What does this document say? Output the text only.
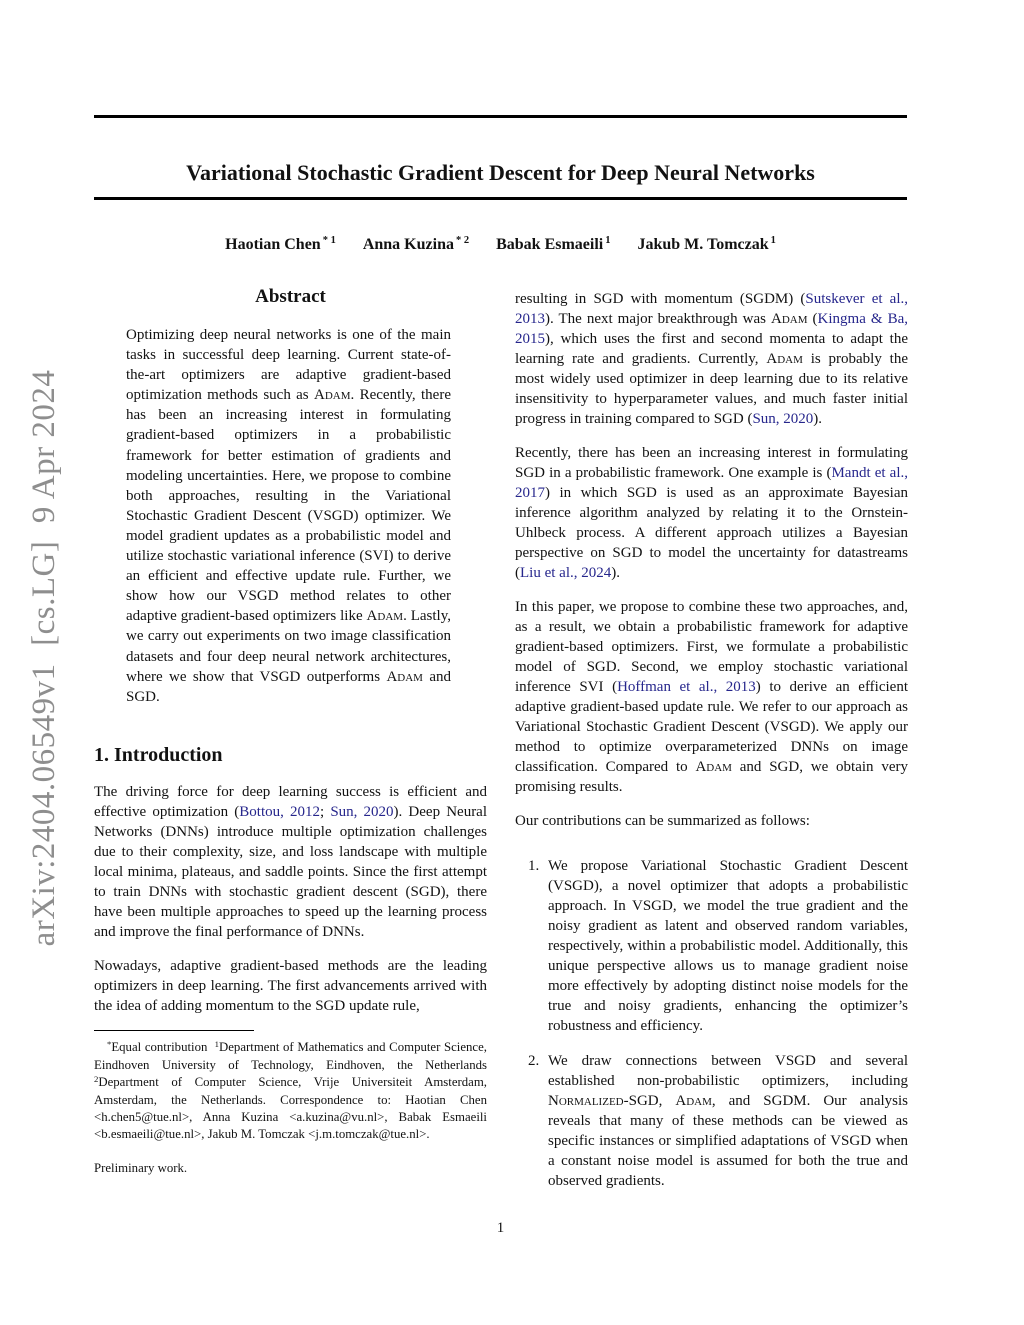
arXiv:2404.06549v1  [cs.LG]  9 Apr 2024
Variational Stochastic Gradient Descent for Deep Neural Networks
Haotian Chen $^{* 1}$ Anna Kuzina $^{* 2}$ Babak Esmaeili $^1$ Jakub M. Tomczak $^1$
Abstract

Optimizing deep neural networks is one of the main tasks in successful deep learning. Current state-of-the-art optimizers are adaptive gradient-based optimization methods such as Adam. Recently, there has been an increasing interest in formulating gradient-based optimizers in a probabilistic framework for better estimation of gradients and modeling uncertainties. Here, we propose to combine both approaches, resulting in the Variational Stochastic Gradient Descent (VSGD) optimizer. We model gradient updates as a probabilistic model and utilize stochastic variational inference (SVI) to derive an efficient and effective update rule. Further, we show how our VSGD method relates to other adaptive gradient-based optimizers like Adam. Lastly, we carry out experiments on two image classification datasets and four deep neural network architectures, where we show that VSGD outperforms Adam and SGD.

1. Introduction

The driving force for deep learning success is efficient and effective optimization (Bottou, 2012; Sun, 2020). Deep Neural Networks (DNNs) introduce multiple optimization challenges due to their complexity, size, and loss landscape with multiple local minima, plateaus, and saddle points. Since the first attempt to train DNNs with stochastic gradient descent (SGD), there have been multiple approaches to speed up the learning process and improve the final performance of DNNs.

Nowadays, adaptive gradient-based methods are the leading optimizers in deep learning. The first advancements arrived with the idea of adding momentum to the SGD update rule,

*Equal contribution  $^1$Department of Mathematics and Computer Science, Eindhoven University of Technology, Eindhoven, the Netherlands $^2$Department of Computer Science, Vrije Universiteit Amsterdam, Amsterdam, the Netherlands. Correspondence to: Haotian Chen <h.chen5@tue.nl>, Anna Kuzina <a.kuzina@vu.nl>, Babak Esmaeili <b.esmaeili@tue.nl>, Jakub M. Tomczak <j.m.tomczak@tue.nl>.

Preliminary work.

resulting in SGD with momentum (SGDM) (Sutskever et al., 2013). The next major breakthrough was Adam (Kingma & Ba, 2015), which uses the first and second momenta to adapt the learning rate and gradients. Currently, Adam is probably the most widely used optimizer in deep learning due to its relative insensitivity to hyperparameter values, and much faster initial progress in training compared to SGD (Sun, 2020).

Recently, there has been an increasing interest in formulating SGD in a probabilistic framework. One example is (Mandt et al., 2017) in which SGD is used as an approximate Bayesian inference algorithm analyzed by relating it to the Ornstein-Uhlbeck process. A different approach utilizes a Bayesian perspective on SGD to model the uncertainty for datastreams (Liu et al., 2024).

In this paper, we propose to combine these two approaches, and, as a result, we obtain a probabilistic framework for adaptive gradient-based optimizers. First, we formulate a probabilistic model of SGD. Second, we employ stochastic variational inference SVI (Hoffman et al., 2013) to derive an efficient adaptive gradient-based update rule. We refer to our approach as Variational Stochastic Gradient Descent (VSGD). We apply our method to optimize overparameterized DNNs on image classification. Compared to Adam and SGD, we obtain very promising results.

Our contributions can be summarized as follows:

1. We propose Variational Stochastic Gradient Descent (VSGD), a novel optimizer that adopts a probabilistic approach. In VSGD, we model the true gradient and the noisy gradient as latent and observed random variables, respectively, within a probabilistic model. Additionally, this unique perspective allows us to manage gradient noise more effectively by adopting distinct noise models for the true and noisy gradients, enhancing the optimizer’s robustness and efficiency.
2. We draw connections between VSGD and several established non-probabilistic optimizers, including Normalized-SGD, Adam, and SGDM. Our analysis reveals that many of these methods can be viewed as specific instances or simplified adaptations of VSGD when a constant noise model is assumed for both the true and observed gradients.
1
